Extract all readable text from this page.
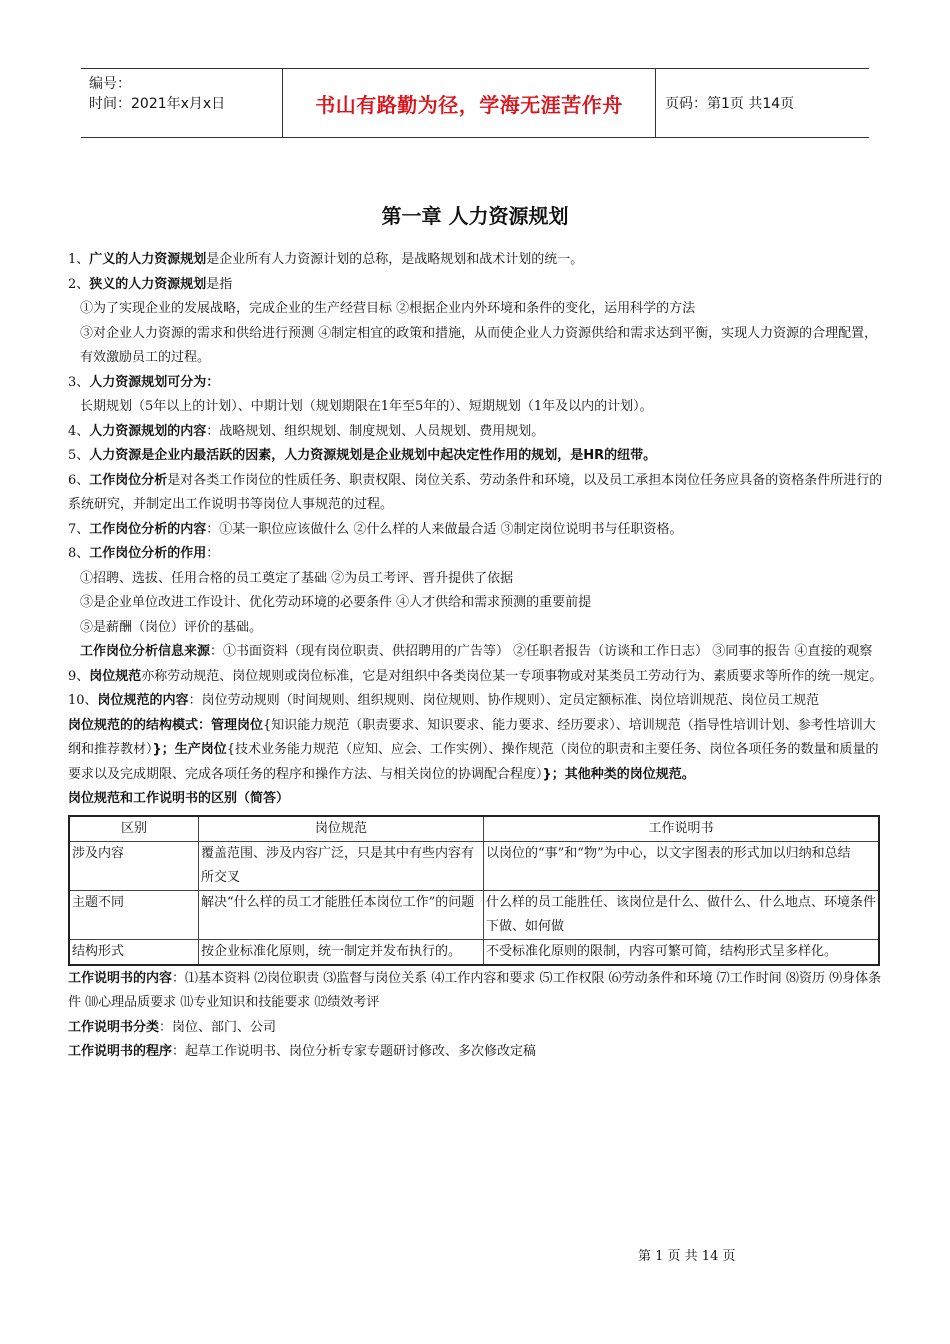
编号：
时间：2021年x月x日	书山有路勤为径，学海无涯苦作舟	页码：第1页 共14页
第一章 人力资源规划

1、广义的人力资源规划是企业所有人力资源计划的总称，是战略规划和战术计划的统一。

2、狭义的人力资源规划是指

①为了实现企业的发展战略，完成企业的生产经营目标 ②根据企业内外环境和条件的变化，运用科学的方法

③对企业人力资源的需求和供给进行预测 ④制定相宜的政策和措施，从而使企业人力资源供给和需求达到平衡，实现人力资源的合理配置，有效激励员工的过程。

3、人力资源规划可分为：

长期规划（5年以上的计划）、中期计划（规划期限在1年至5年的）、短期规划（1年及以内的计划）。

4、人力资源规划的内容：战略规划、组织规划、制度规划、人员规划、费用规划。

5、人力资源是企业内最活跃的因素，人力资源规划是企业规划中起决定性作用的规划，是HR的纽带。

6、工作岗位分析是对各类工作岗位的性质任务、职责权限、岗位关系、劳动条件和环境，以及员工承担本岗位任务应具备的资格条件所进行的系统研究，并制定出工作说明书等岗位人事规范的过程。

7、工作岗位分析的内容：①某一职位应该做什么 ②什么样的人来做最合适 ③制定岗位说明书与任职资格。

8、工作岗位分析的作用：

①招聘、选拔、任用合格的员工奠定了基础 ②为员工考评、晋升提供了依据

③是企业单位改进工作设计、优化劳动环境的必要条件 ④人才供给和需求预测的重要前提

⑤是薪酬（岗位）评价的基础。

工作岗位分析信息来源：①书面资料（现有岗位职责、供招聘用的广告等） ②任职者报告（访谈和工作日志） ③同事的报告 ④直接的观察

9、岗位规范亦称劳动规范、岗位规则或岗位标准，它是对组织中各类岗位某一专项事物或对某类员工劳动行为、素质要求等所作的统一规定。

10、岗位规范的内容：岗位劳动规则（时间规则、组织规则、岗位规则、协作规则）、定员定额标准、岗位培训规范、岗位员工规范

岗位规范的的结构模式：管理岗位{知识能力规范（职责要求、知识要求、能力要求、经历要求）、培训规范（指导性培训计划、参考性培训大纲和推荐教材）}；生产岗位{技术业务能力规范（应知、应会、工作实例）、操作规范（岗位的职责和主要任务、岗位各项任务的数量和质量的要求以及完成期限、完成各项任务的程序和操作方法、与相关岗位的协调配合程度）}；其他种类的岗位规范。

岗位规范和工作说明书的区别（简答）

区别	岗位规范	工作说明书
涉及内容	覆盖范围、涉及内容广泛，只是其中有些内容有所交叉	以岗位的“事”和“物”为中心，以文字图表的形式加以归纳和总结
主题不同	解决“什么样的员工才能胜任本岗位工作”的问题	什么样的员工能胜任、该岗位是什么、做什么、什么地点、环境条件下做、如何做
结构形式	按企业标准化原则，统一制定并发布执行的。	不受标准化原则的限制，内容可繁可简，结构形式呈多样化。

工作说明书的内容：⑴基本资料 ⑵岗位职责 ⑶监督与岗位关系 ⑷工作内容和要求 ⑸工作权限 ⑹劳动条件和环境 ⑺工作时间 ⑻资历 ⑼身体条件 ⑽心理品质要求 ⑾专业知识和技能要求 ⑿绩效考评

工作说明书分类：岗位、部门、公司

工作说明书的程序：起草工作说明书、岗位分析专家专题研讨修改、多次修改定稿

第 1 页 共 14 页
